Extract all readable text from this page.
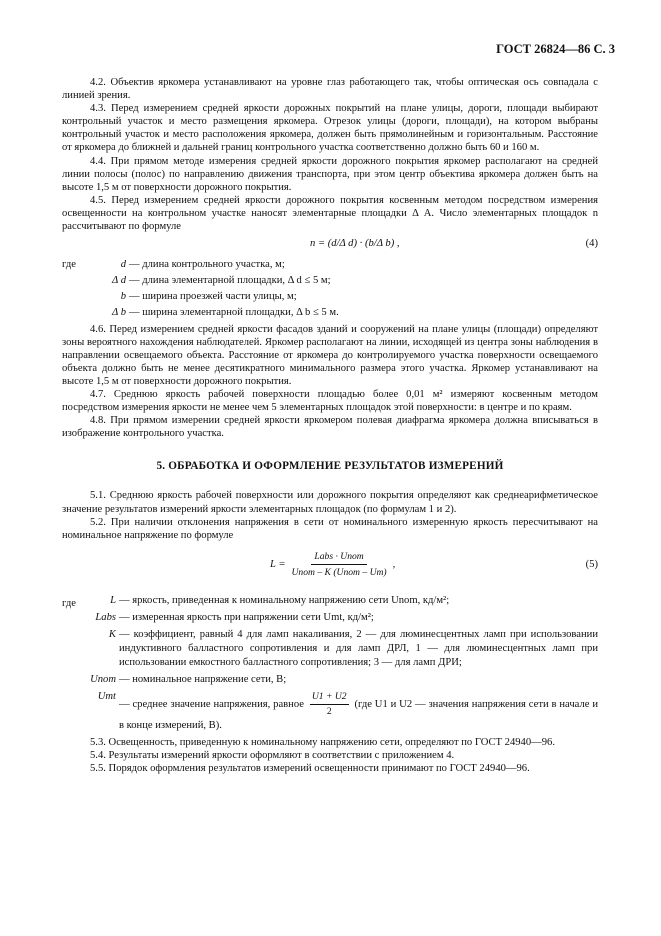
ГОСТ 26824—86 С. 3

4.2. Объектив яркомера устанавливают на уровне глаз работающего так, чтобы оптическая ось совпадала с линией зрения.

4.3. Перед измерением средней яркости дорожных покрытий на плане улицы, дороги, площади выбирают контрольный участок и место размещения яркомера. Отрезок улицы (дороги, площади), на котором выбраны контрольный участок и место расположения яркомера, должен быть прямолинейным и горизонтальным. Расстояние от яркомера до ближней и дальней границ контрольного участка соответственно должно быть 60 и 160 м.

4.4. При прямом методе измерения средней яркости дорожного покрытия яркомер располагают на средней линии полосы (полос) по направлению движения транспорта, при этом центр объектива яркомера должен быть на высоте 1,5 м от поверхности дорожного покрытия.

4.5. Перед измерением средней яркости дорожного покрытия косвенным методом посредством измерения освещенности на контрольном участке наносят элементарные площадки Δ A. Число элементарных площадок n рассчитывают по формуле

n = (d/Δ d) · (b/Δ b) ,	(4)
где	d — длина контрольного участка, м;
Δ d — длина элементарной площадки, Δ d ≤ 5 м;
b — ширина проезжей части улицы, м;
Δ b — ширина элементарной площадки, Δ b ≤ 5 м.

4.6. Перед измерением средней яркости фасадов зданий и сооружений на плане улицы (площади) определяют зоны вероятного нахождения наблюдателей. Яркомер располагают на линии, исходящей из центра зоны наблюдения в направлении освещаемого объекта. Расстояние от яркомера до контролируемого участка поверхности освещаемого объекта должно быть не менее десятикратного минимального размера этого участка. Яркомер устанавливают на высоте 1,5 м от поверхности дорожного покрытия.

4.7. Среднюю яркость рабочей поверхности площадью более 0,01 м² измеряют косвенным методом посредством измерения яркости не менее чем 5 элементарных площадок этой поверхности: в центре и по краям.

4.8. При прямом измерении средней яркости яркомером полевая диафрагма яркомера должна вписываться в изображение контрольного участка.

5. ОБРАБОТКА И ОФОРМЛЕНИЕ РЕЗУЛЬТАТОВ ИЗМЕРЕНИЙ

5.1. Среднюю яркость рабочей поверхности или дорожного покрытия определяют как среднеарифметическое значение результатов измерений яркости элементарных площадок (по формулам 1 и 2).

5.2. При наличии отклонения напряжения в сети от номинального измеренную яркость пересчитывают на номинальное напряжение по формуле

$L = \frac{\text{Labs · Unom}}{\text{Unom – K (Unom – Um)}}$ ,	(5)
где	L — яркость, приведенная к номинальному напряжению сети Unom, кд/м²;
Labs — измеренная яркость при напряжении сети Umt, кд/м²;
K — коэффициент, равный 4 для ламп накаливания, 2 — для люминесцентных ламп при использовании индуктивного балластного сопротивления и для ламп ДРЛ, 1 — для люминесцентных ламп при использовании емкостного балластного сопротивления; 3 — для ламп ДРИ;
Unom — номинальное напряжение сети, В;
Umt
— среднее значение напряжения, равное $\frac{U1 + U2}{2} (где$ U1 и U2 — значения напряжения сети в начале и в конце измерений, В).

5.3. Освещенность, приведенную к номинальному напряжению сети, определяют по ГОСТ 24940—96.

5.4. Результаты измерений яркости оформляют в соответствии с приложением 4.

5.5. Порядок оформления результатов измерений освещенности принимают по ГОСТ 24940—96.
